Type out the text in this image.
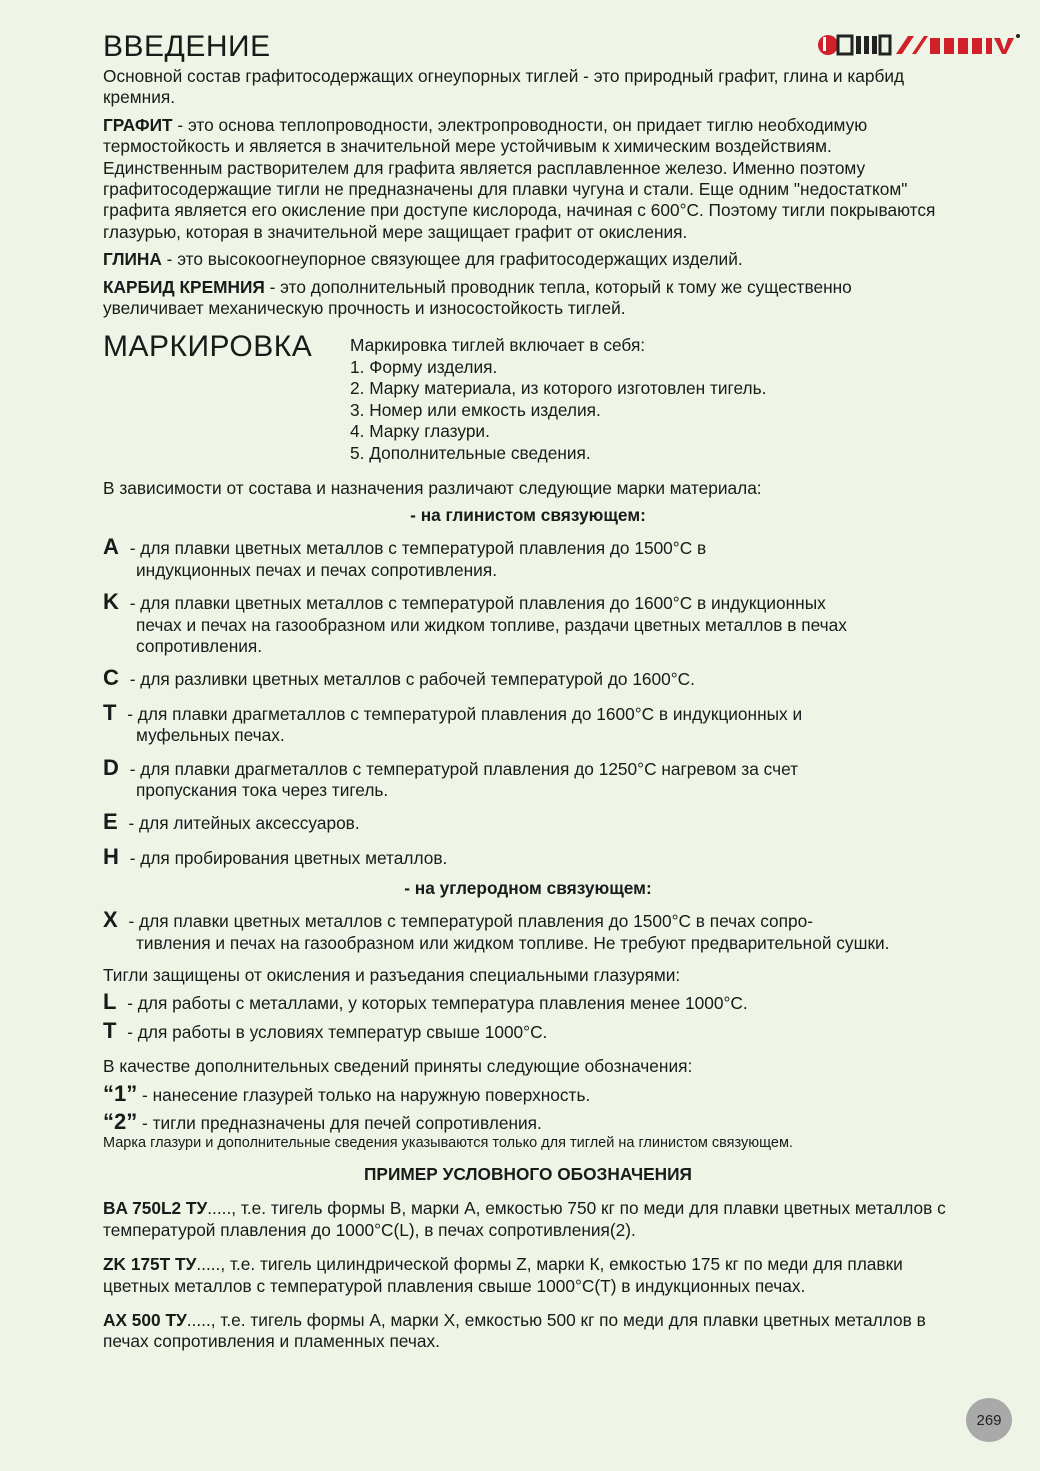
ВВЕДЕНИЕ

Основной состав графитосодержащих огнеупорных тиглей - это природный графит, глина и карбид кремния.

ГРАФИТ - это основа теплопроводности, электропроводности, он придает тиглю необходимую термостойкость и является в значительной мере устойчивым к химическим воздействиям. Единственным растворителем для графита является расплавленное железо. Именно поэтому графитосодержащие тигли не предназначены для плавки чугуна и стали. Еще одним "недостатком" графита является его окисление при доступе кислорода, начиная с 600°С. Поэтому тигли покрываются глазурью, которая в значительной мере защищает графит от окисления.

ГЛИНА - это высокоогнеупорное связующее для графитосодержащих изделий.

КАРБИД КРЕМНИЯ - это дополнительный проводник тепла, который к тому же существенно увеличивает механическую прочность и износостойкость тиглей.

МАРКИРОВКА	Маркировка тиглей включает в себя:
1. Форму изделия.
2. Марку материала, из которого изготовлен тигель.
3. Номер или емкость изделия.
4. Марку глазури.
5. Дополнительные сведения.

В зависимости от состава и назначения различают следующие марки материала:

- на глинистом связующем:
A - для плавки цветных металлов с температурой плавления до 1500°С в
индукционных печах и печах сопротивления.
K - для плавки цветных металлов с температурой плавления до 1600°С в индукционных
печах и печах на газообразном или жидком топливе, раздачи цветных металлов в печах сопротивления.
C - для разливки цветных металлов с рабочей температурой до 1600°С.
T - для плавки драгметаллов с температурой плавления до 1600°С в индукционных и
муфельных печах.
D - для плавки драгметаллов с температурой плавления до 1250°С нагревом за счет
пропускания тока через тигель.
E - для литейных аксессуаров.
H - для пробирования цветных металлов.
- на углеродном связующем:
X - для плавки цветных металлов с температурой плавления до 1500°С в печах сопро-
тивления и печах на газообразном или жидком топливе. Не требуют предварительной сушки.

Тигли защищены от окисления и разъедания специальными глазурями:

L - для работы с металлами, у которых температура плавления менее 1000°С.
T - для работы в условиях температур свыше 1000°С.

В качестве дополнительных сведений приняты следующие обозначения:

“1” - нанесение глазурей только на наружную поверхность.

“2” - тигли предназначены для печей сопротивления.

Марка глазури и дополнительные сведения указываются только для тиглей на глинистом связующем.

ПРИМЕР УСЛОВНОГО ОБОЗНАЧЕНИЯ

BA 750L2 ТУ....., т.е. тигель формы В, марки А, емкостью 750 кг по меди для плавки цветных металлов с температурой плавления до 1000°С(L), в печах сопротивления(2).

ZK 175T ТУ....., т.е. тигель цилиндрической формы Z, марки К, емкостью 175 кг по меди для плавки цветных металлов с температурой плавления свыше 1000°С(Т) в индукционных печах.

AX 500 ТУ....., т.е. тигель формы А, марки Х, емкостью 500 кг по меди для плавки цветных металлов в печах сопротивления и пламенных печах.

269
